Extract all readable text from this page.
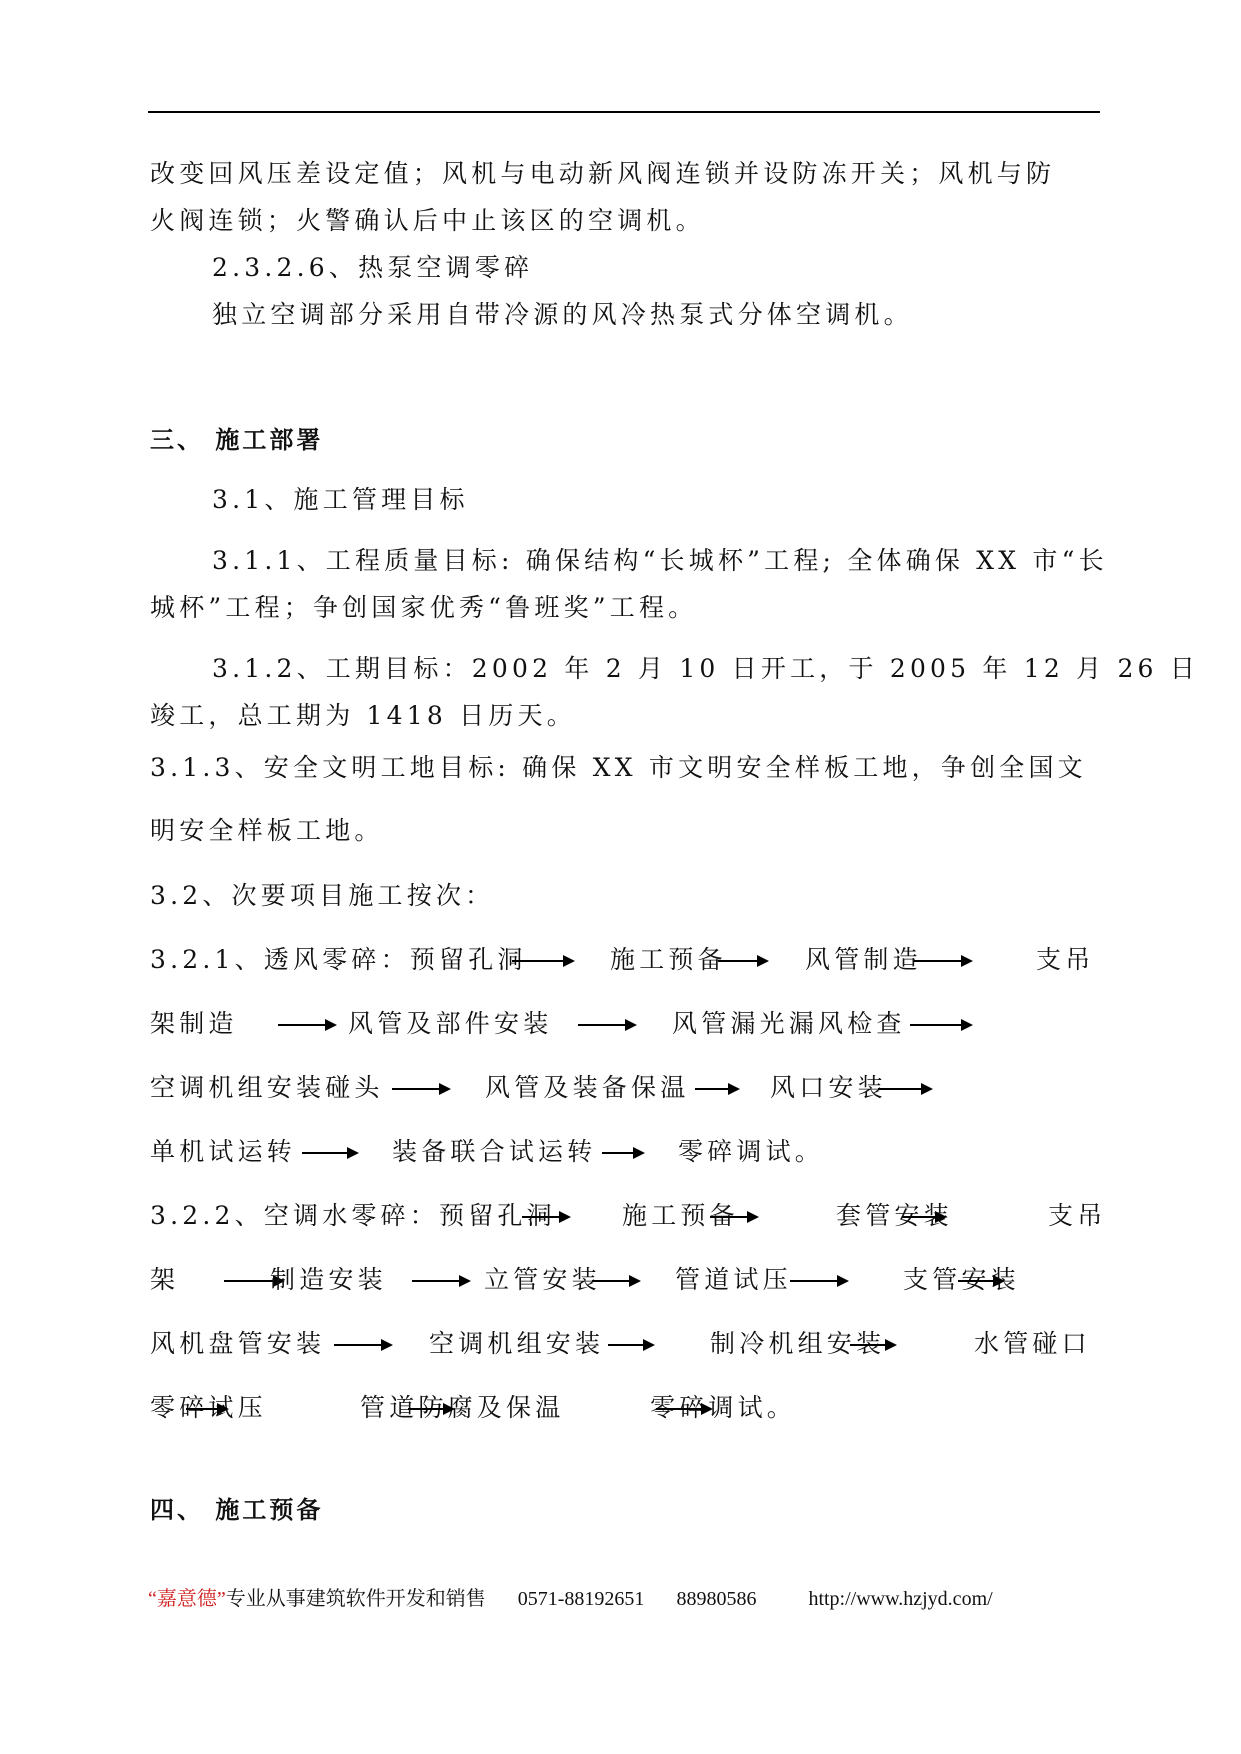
改变回风压差设定值；风机与电动新风阀连锁并设防冻开关；风机与防
火阀连锁；火警确认后中止该区的空调机。
2.3.2.6、热泵空调零碎
独立空调部分采用自带冷源的风冷热泵式分体空调机。
三、 施工部署
3.1、施工管理目标
3.1.1、工程质量目标: 确保结构“长城杯”工程; 全体确保 XX 市“长
城杯”工程；争创国家优秀“鲁班奖”工程。
3.1.2、工期目标：2002 年 2 月 10 日开工，于 2005 年 12 月 26 日
竣工，总工期为 1418 日历天。
3.1.3、安全文明工地目标: 确保 XX 市文明安全样板工地，争创全国文
明安全样板工地。
3.2、次要项目施工按次：
3.2.1、透风零碎：预留孔洞	施工预备	风管制造	支吊
架制造	风管及部件安装	风管漏光漏风检查
空调机组安装碰头	风管及装备保温	风口安装
单机试运转	装备联合试运转	零碎调试。
3.2.2、空调水零碎：预留孔洞	施工预备	套管安装	支吊
架	制造安装	立管安装	管道试压	支管安装
风机盘管安装	空调机组安装	制冷机组安装	水管碰口
零碎试压	管道防腐及保温	零碎调试。
四、 施工预备
“嘉意德”专业从事建筑软件开发和销售 0571-88192651 88980586	http://www.hzjyd.com/
